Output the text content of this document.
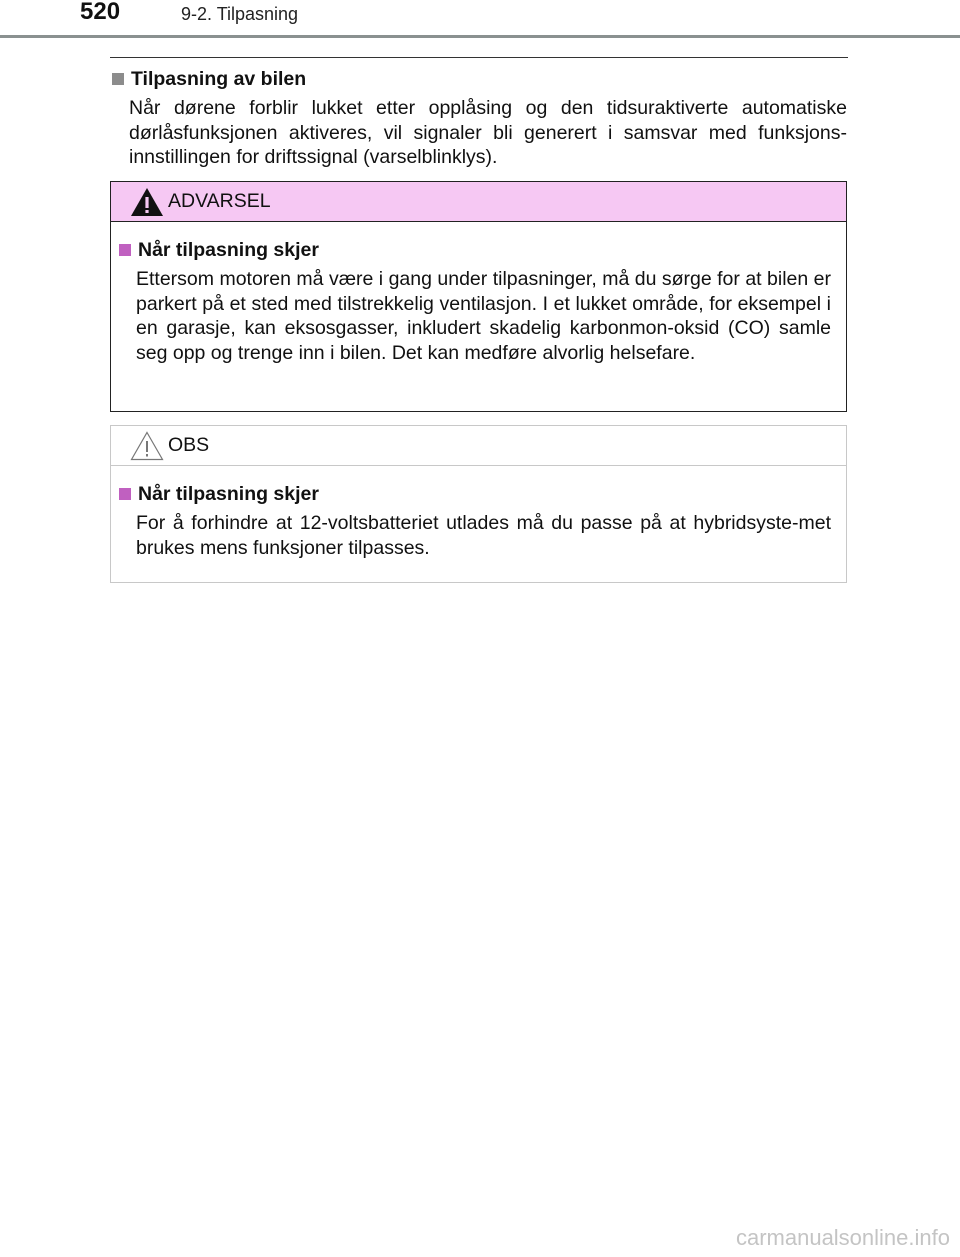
520	9-2. Tilpasning
Tilpasning av bilen
Når dørene forblir lukket etter opplåsing og den tidsuraktiverte automatiske dørlåsfunksjonen aktiveres, vil signaler bli generert i samsvar med funksjons-innstillingen for driftssignal (varselblinklys).
ADVARSEL
Når tilpasning skjer
Ettersom motoren må være i gang under tilpasninger, må du sørge for at bilen er parkert på et sted med tilstrekkelig ventilasjon. I et lukket område, for eksempel i en garasje, kan eksosgasser, inkludert skadelig karbonmon-oksid (CO) samle seg opp og trenge inn i bilen. Det kan medføre alvorlig helsefare.
OBS
Når tilpasning skjer
For å forhindre at 12-voltsbatteriet utlades må du passe på at hybridsyste-met brukes mens funksjoner tilpasses.
carmanualsonline.info
